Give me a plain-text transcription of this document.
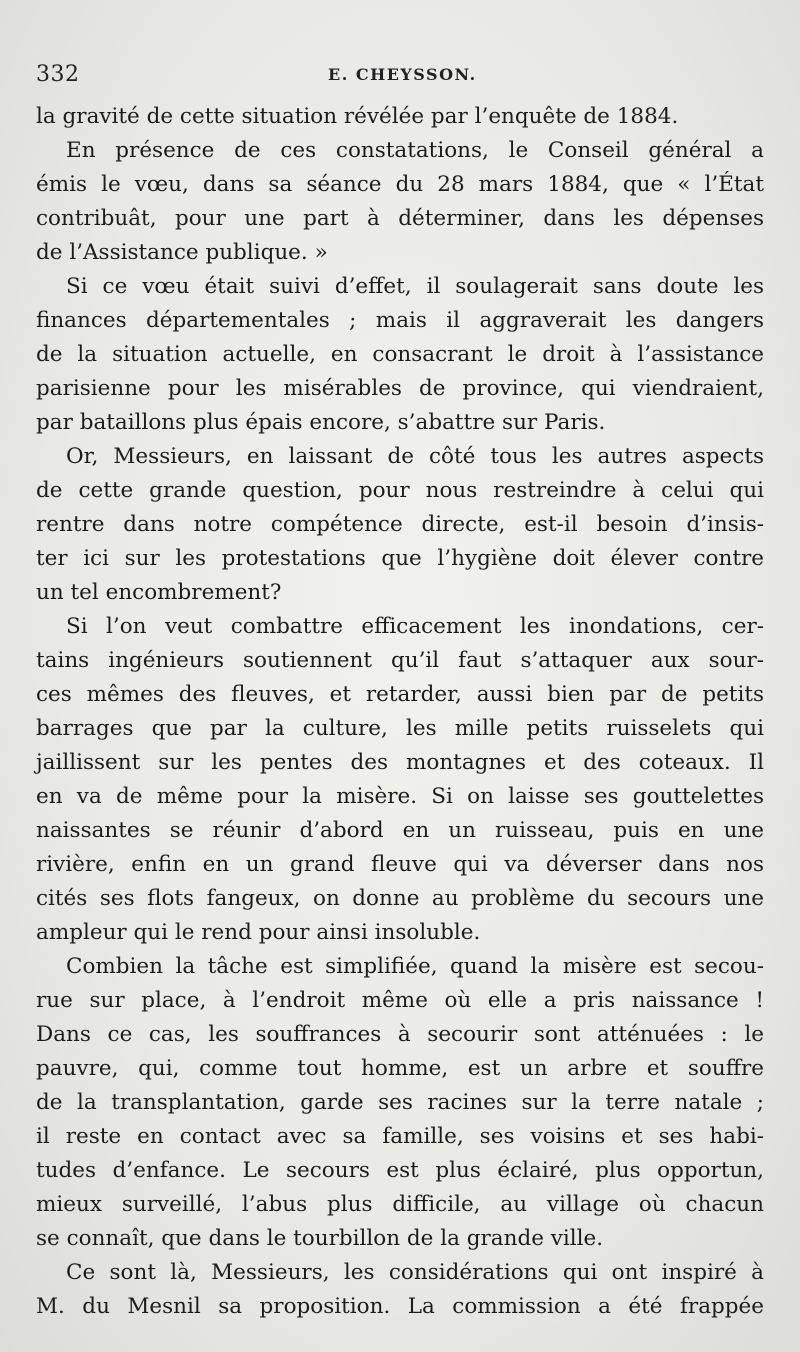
332	E. CHEYSSON.
la gravité de cette situation révélée par l’enquête de 1884.
En présence de ces constatations, le Conseil général a
émis le vœu, dans sa séance du 28 mars 1884, que « l’État
contribuât, pour une part à déterminer, dans les dépenses
de l’Assistance publique. »
Si ce vœu était suivi d’effet, il soulagerait sans doute les
finances départementales ; mais il aggraverait les dangers
de la situation actuelle, en consacrant le droit à l’assistance
parisienne pour les misérables de province, qui viendraient,
par bataillons plus épais encore, s’abattre sur Paris.
Or, Messieurs, en laissant de côté tous les autres aspects
de cette grande question, pour nous restreindre à celui qui
rentre dans notre compétence directe, est-il besoin d’insis-
ter ici sur les protestations que l’hygiène doit élever contre
un tel encombrement?
Si l’on veut combattre efficacement les inondations, cer-
tains ingénieurs soutiennent qu’il faut s’attaquer aux sour-
ces mêmes des fleuves, et retarder, aussi bien par de petits
barrages que par la culture, les mille petits ruisselets qui
jaillissent sur les pentes des montagnes et des coteaux. Il
en va de même pour la misère. Si on laisse ses gouttelettes
naissantes se réunir d’abord en un ruisseau, puis en une
rivière, enfin en un grand fleuve qui va déverser dans nos
cités ses flots fangeux, on donne au problème du secours une
ampleur qui le rend pour ainsi insoluble.
Combien la tâche est simplifiée, quand la misère est secou-
rue sur place, à l’endroit même où elle a pris naissance !
Dans ce cas, les souffrances à secourir sont atténuées : le
pauvre, qui, comme tout homme, est un arbre et souffre
de la transplantation, garde ses racines sur la terre natale ;
il reste en contact avec sa famille, ses voisins et ses habi-
tudes d’enfance. Le secours est plus éclairé, plus opportun,
mieux surveillé, l’abus plus difficile, au village où chacun
se connaît, que dans le tourbillon de la grande ville.
Ce sont là, Messieurs, les considérations qui ont inspiré à
M. du Mesnil sa proposition. La commission a été frappée
